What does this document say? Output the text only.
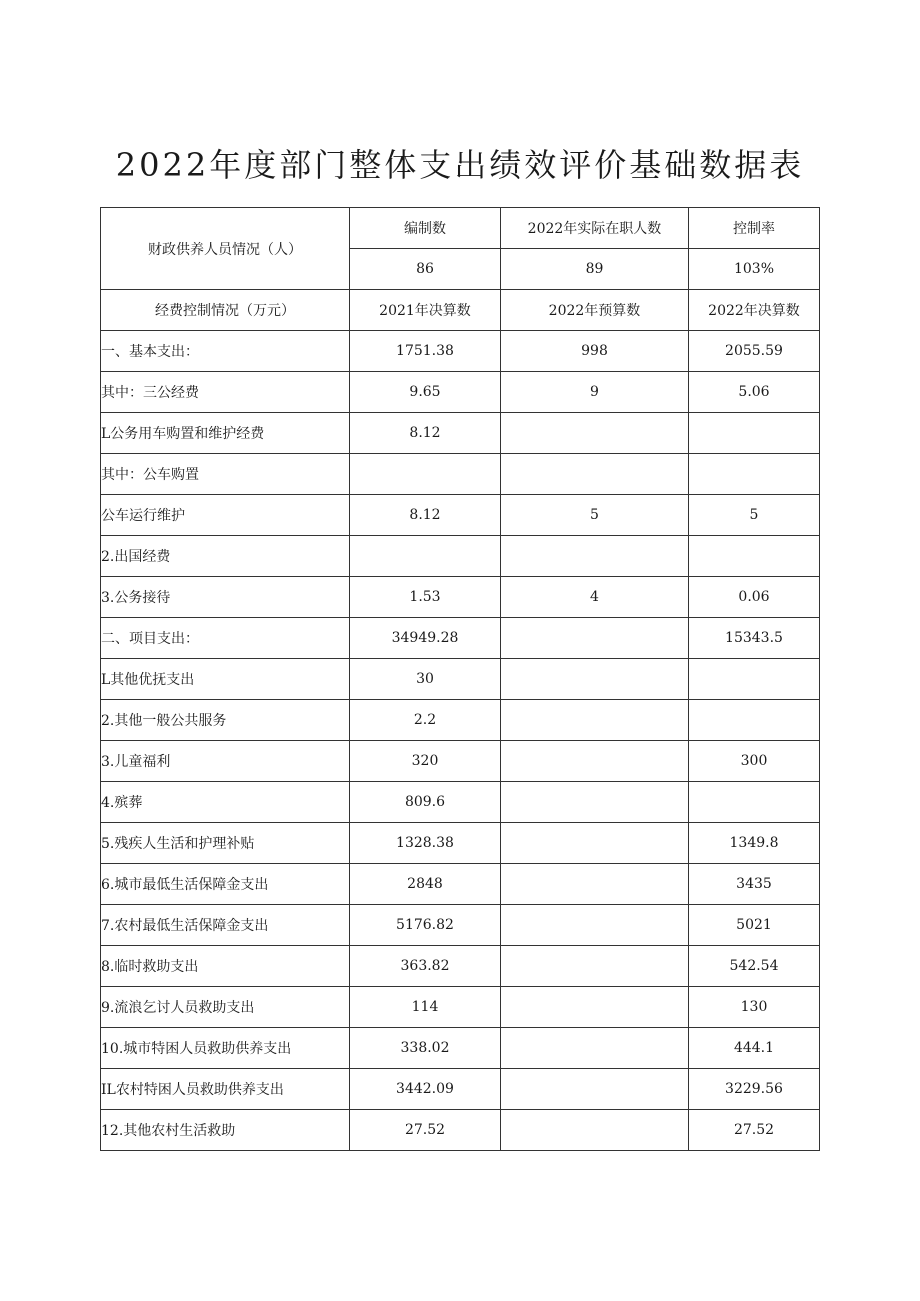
2022年度部门整体支出绩效评价基础数据表
财政供养人员情况（人）	编制数	2022年实际在职人数	控制率
	86	89	103%
经费控制情况（万元）	2021年决算数	2022年预算数	2022年决算数
一、基本支出：	1751.38	998	2055.59
其中：三公经费	9.65	9	5.06
L公务用车购置和维护经费	8.12		
其中：公车购置			
公车运行维护	8.12	5	5
2.出国经费			
3.公务接待	1.53	4	0.06
二、项目支出：	34949.28		15343.5
L其他优抚支出	30		
2.其他一般公共服务	2.2		
3.儿童福利	320		300
4.殡葬	809.6		
5.残疾人生活和护理补贴	1328.38		1349.8
6.城市最低生活保障金支出	2848		3435
7.农村最低生活保障金支出	5176.82		5021
8.临时救助支出	363.82		542.54
9.流浪乞讨人员救助支出	114		130
10.城市特困人员救助供养支出	338.02		444.1
IL农村特困人员救助供养支出	3442.09		3229.56
12.其他农村生活救助	27.52		27.52
